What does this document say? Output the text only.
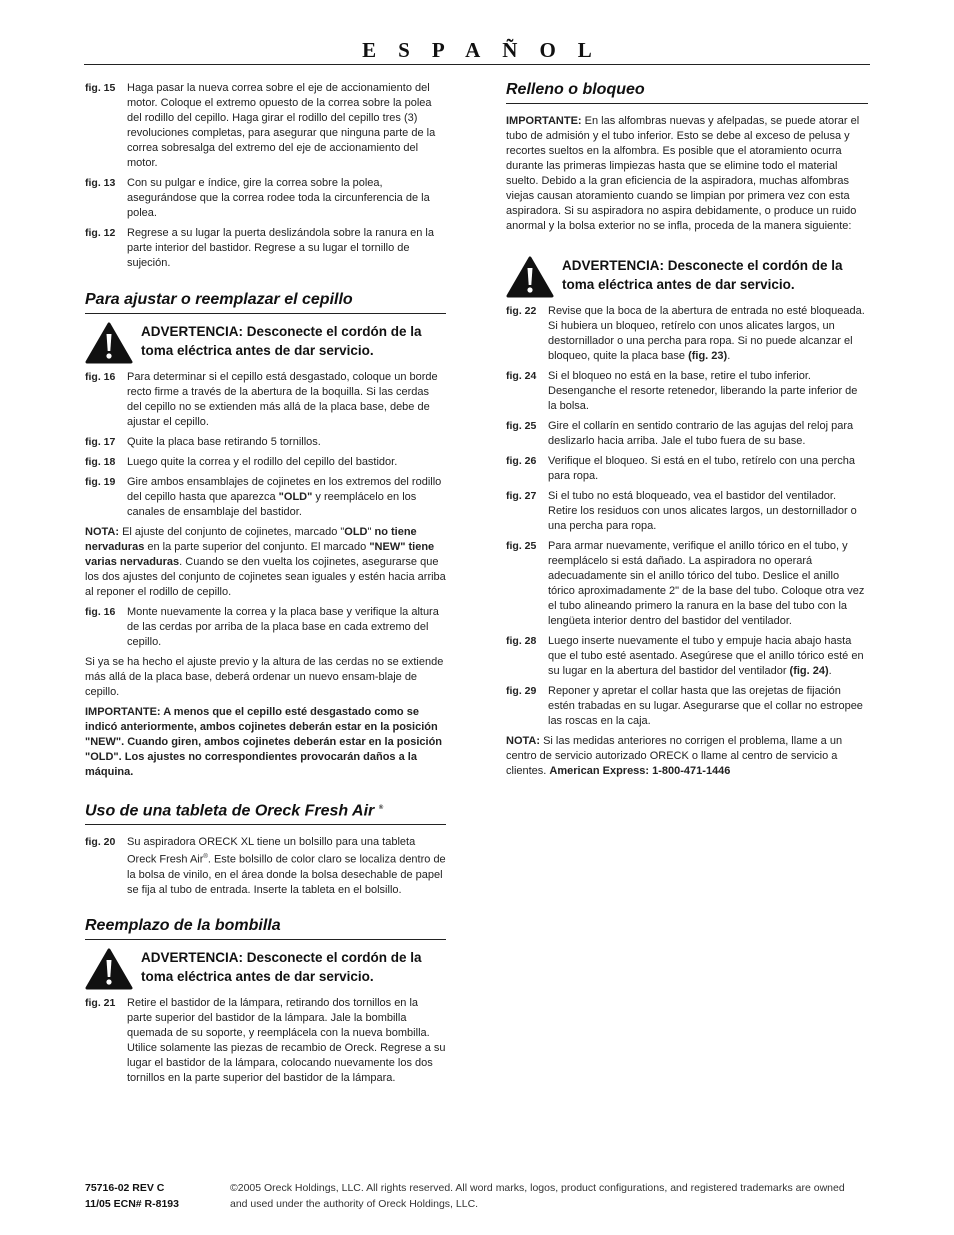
ESPAÑOL
fig. 15	Haga pasar la nueva correa sobre el eje de accionamiento del motor. Coloque el extremo opuesto de la correa sobre la polea del rodillo del cepillo. Haga girar el rodillo del cepillo tres (3) revoluciones completas, para asegurar que ninguna parte de la correa sobresalga del extremo del eje de accionamiento del motor.
fig. 13	Con su pulgar e índice, gire la correa sobre la polea, asegurándose que la correa rodee toda la circunferencia de la polea.
fig. 12	Regrese a su lugar la puerta deslizándola sobre la ranura en la parte interior del bastidor. Regrese a su lugar el tornillo de sujeción.
Para ajustar o reemplazar el cepillo
ADVERTENCIA: Desconecte el cordón de la toma eléctrica antes de dar servicio.
fig. 16	Para determinar si el cepillo está desgastado, coloque un borde recto firme a través de la abertura de la boquilla. Si las cerdas del cepillo no se extienden más allá de la placa base, debe de ajustar el cepillo.
fig. 17	Quite la placa base retirando 5 tornillos.
fig. 18	Luego quite la correa y el rodillo del cepillo del bastidor.
fig. 19	Gire ambos ensamblajes de cojinetes en los extremos del rodillo del cepillo hasta que aparezca "OLD" y reemplácelo en los canales de ensamblaje del bastidor.

NOTA: El ajuste del conjunto de cojinetes, marcado "OLD" no tiene nervaduras en la parte superior del conjunto. El marcado "NEW" tiene varias nervaduras. Cuando se den vuelta los cojinetes, asegurarse que los dos ajustes del conjunto de cojinetes sean iguales y estén hacia arriba al reponer el rodillo de cepillo.

fig. 16	Monte nuevamente la correa y la placa base y verifique la altura de las cerdas por arriba de la placa base en cada extremo del cepillo.

Si ya se ha hecho el ajuste previo y la altura de las cerdas no se extiende más allá de la placa base, deberá ordenar un nuevo ensam-blaje de cepillo.

IMPORTANTE: A menos que el cepillo esté desgastado como se indicó anteriormente, ambos cojinetes deberán estar en la posición "NEW". Cuando giren, ambos cojinetes deberán estar en la posición "OLD". Los ajustes no correspondientes provocarán daños a la máquina.

Uso de una tableta de Oreck Fresh Air ®
fig. 20	Su aspiradora ORECK XL tiene un bolsillo para una tableta Oreck Fresh Air®. Este bolsillo de color claro se localiza dentro de la bolsa de vinilo, en el área donde la bolsa desechable de papel se fija al tubo de entrada. Inserte la tableta en el bolsillo.
Reemplazo de la bombilla
ADVERTENCIA: Desconecte el cordón de la toma eléctrica antes de dar servicio.
fig. 21	Retire el bastidor de la lámpara, retirando dos tornillos en la parte superior del bastidor de la lámpara. Jale la bombilla quemada de su soporte, y reemplácela con la nueva bombilla. Utilice solamente las piezas de recambio de Oreck. Regrese a su lugar el bastidor de la lámpara, colocando nuevamente los dos tornillos en la parte superior del bastidor de la lámpara.
Relleno o bloqueo

IMPORTANTE: En las alfombras nuevas y afelpadas, se puede atorar el tubo de admisión y el tubo inferior. Esto se debe al exceso de pelusa y recortes sueltos en la alfombra. Es posible que el atoramiento ocurra durante las primeras limpiezas hasta que se elimine todo el material suelto. Debido a la gran eficiencia de la aspiradora, muchas alfombras viejas causan atoramiento cuando se limpian por primera vez con esta aspiradora. Si su aspiradora no aspira debidamente, o produce un ruido anormal y la bolsa exterior no se infla, proceda de la manera siguiente:

ADVERTENCIA: Desconecte el cordón de la toma eléctrica antes de dar servicio.
fig. 22	Revise que la boca de la abertura de entrada no esté bloqueada. Si hubiera un bloqueo, retírelo con unos alicates largos, un destornillador o una percha para ropa. Si no puede alcanzar el bloqueo, quite la placa base (fig. 23).
fig. 24	Si el bloqueo no está en la base, retire el tubo inferior. Desenganche el resorte retenedor, liberando la parte inferior de la bolsa.
fig. 25	Gire el collarín en sentido contrario de las agujas del reloj para deslizarlo hacia arriba. Jale el tubo fuera de su base.
fig. 26	Verifique el bloqueo. Si está en el tubo, retírelo con una percha para ropa.
fig. 27	Si el tubo no está bloqueado, vea el bastidor del ventilador. Retire los residuos con unos alicates largos, un destornillador o una percha para ropa.
fig. 25	Para armar nuevamente, verifique el anillo tórico en el tubo, y reemplácelo si está dañado. La aspiradora no operará adecuadamente sin el anillo tórico del tubo. Deslice el anillo tórico aproximadamente 2" de la base del tubo. Coloque otra vez el tubo alineando primero la ranura en la base del tubo con la lengüeta interior dentro del bastidor del ventilador.
fig. 28	Luego inserte nuevamente el tubo y empuje hacia abajo hasta que el tubo esté asentado. Asegúrese que el anillo tórico esté en su lugar en la abertura del bastidor del ventilador (fig. 24).
fig. 29	Reponer y apretar el collar hasta que las orejetas de fijación estén trabadas en su lugar. Asegurarse que el collar no estropee las roscas en la caja.

NOTA: Si las medidas anteriores no corrigen el problema, llame a un centro de servicio autorizado ORECK o llame al centro de servicio a clientes. American Express: 1-800-471-1446

75716-02 REV C
11/05 ECN# R-8193
©2005 Oreck Holdings, LLC. All rights reserved. All word marks, logos, product configurations, and registered trademarks are owned
and used under the authority of Oreck Holdings, LLC.
